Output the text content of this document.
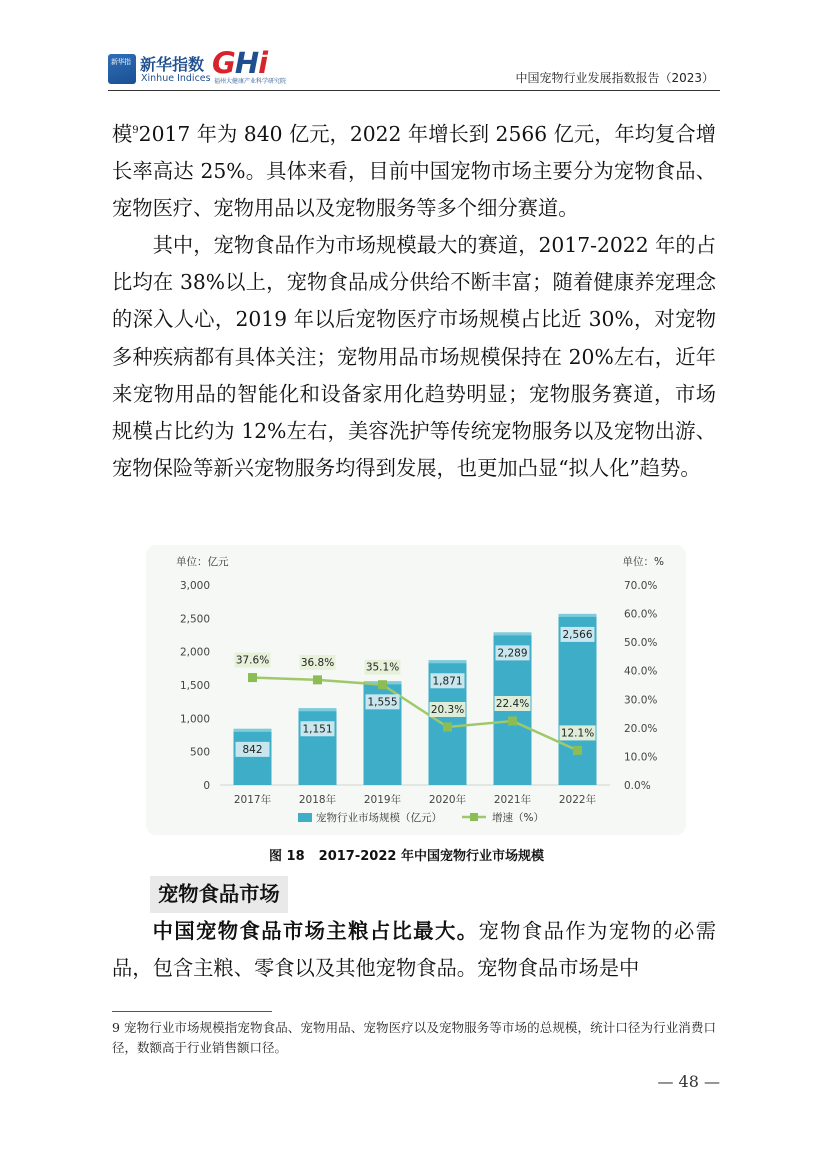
新华指 新华指数
Xinhue Indices GHi
福州大健康产业科学研究院	中国宠物行业发展指数报告（2023）
模$^9$2017 年为 840 亿元，2022 年增长到 2566 亿元，年均复合增长率高达 25%。具体来看，目前中国宠物市场主要分为宠物食品、宠物医疗、宠物用品以及宠物服务等多个细分赛道。
其中，宠物食品作为市场规模最大的赛道，2017-2022 年的占比均在 38%以上，宠物食品成分供给不断丰富；随着健康养宠理念的深入人心，2019 年以后宠物医疗市场规模占比近 30%，对宠物多种疾病都有具体关注；宠物用品市场规模保持在 20%左右，近年来宠物用品的智能化和设备家用化趋势明显；宠物服务赛道，市场规模占比约为 12%左右，美容洗护等传统宠物服务以及宠物出游、宠物保险等新兴宠物服务均得到发展，也更加凸显“拟人化”趋势。
842
1,151
1,555
1,871
2,289
2,566
37.6%	36.8%	35.1%
20.3%	22.4%
12.1%
单位：亿元	单位：%
0
500
1,000
1,500
2,000
2,500
3,000
0.0%
10.0%
20.0%
30.0%
40.0%
50.0%
60.0%
70.0%
2017年	2018年	2019年	2020年	2021年	2022年
宠物行业市场规模（亿元）	增速（%）
图 18 2017-2022 年中国宠物行业市场规模
宠物食品市场
中国宠物食品市场主粮占比最大。宠物食品作为宠物的必需品，包含主粮、零食以及其他宠物食品。宠物食品市场是中
9 宠物行业市场规模指宠物食品、宠物用品、宠物医疗以及宠物服务等市场的总规模，统计口径为行业消费口径，数额高于行业销售额口径。
— 48 —
